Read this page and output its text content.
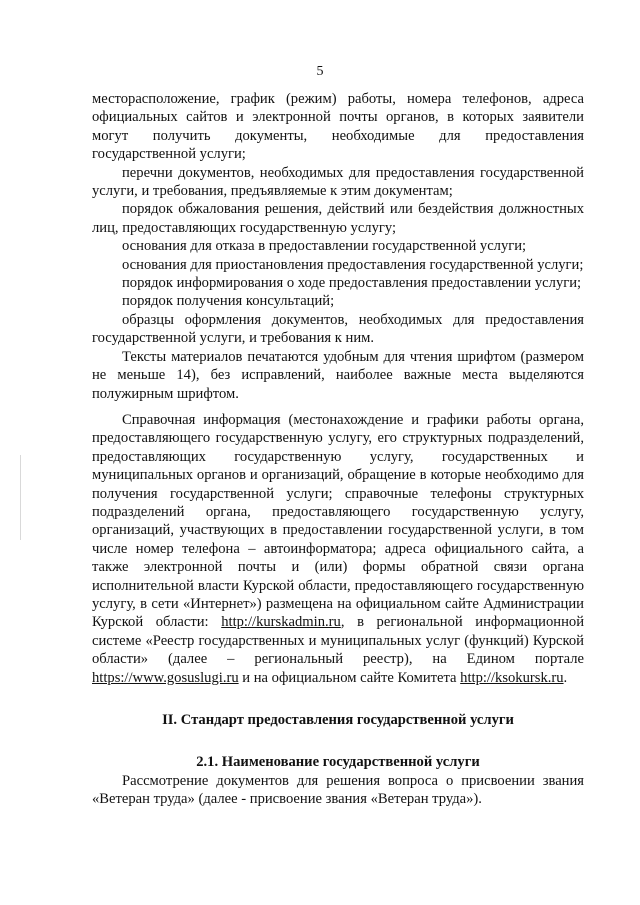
5

месторасположение, график (режим) работы, номера телефонов, адреса официальных сайтов и электронной почты органов, в которых заявители могут получить документы, необходимые для предоставления государственной услуги;

перечни документов, необходимых для предоставления государственной услуги, и требования, предъявляемые к этим документам;

порядок обжалования решения, действий или бездействия должностных лиц, предоставляющих государственную услугу;

основания для отказа в предоставлении государственной услуги;

основания для приостановления предоставления государственной услуги;

порядок информирования о ходе предоставления предоставлении услуги;

порядок получения консультаций;

образцы оформления документов, необходимых для предоставления государственной услуги, и требования к ним.

Тексты материалов печатаются удобным для чтения шрифтом (размером не меньше 14), без исправлений, наиболее важные места выделяются полужирным шрифтом.

Справочная информация (местонахождение и графики работы органа, предоставляющего государственную услугу, его структурных подразделений, предоставляющих государственную услугу, государственных и муниципальных органов и организаций, обращение в которые необходимо для получения государственной услуги; справочные телефоны структурных подразделений органа, предоставляющего государственную услугу, организаций, участвующих в предоставлении государственной услуги, в том числе номер телефона – автоинформатора; адреса официального сайта, а также электронной почты и (или) формы обратной связи органа исполнительной власти Курской области, предоставляющего государственную услугу, в сети «Интернет») размещена на официальном сайте Администрации Курской области: http://kurskadmin.ru, в региональной информационной системе «Реестр государственных и муниципальных услуг (функций) Курской области» (далее – региональный реестр), на Едином портале https://www.gosuslugi.ru и на официальном сайте Комитета http://ksokursk.ru.

II. Стандарт предоставления государственной услуги
2.1. Наименование государственной услуги

Рассмотрение документов для решения вопроса о присвоении звания «Ветеран труда» (далее - присвоение звания «Ветеран труда»).
